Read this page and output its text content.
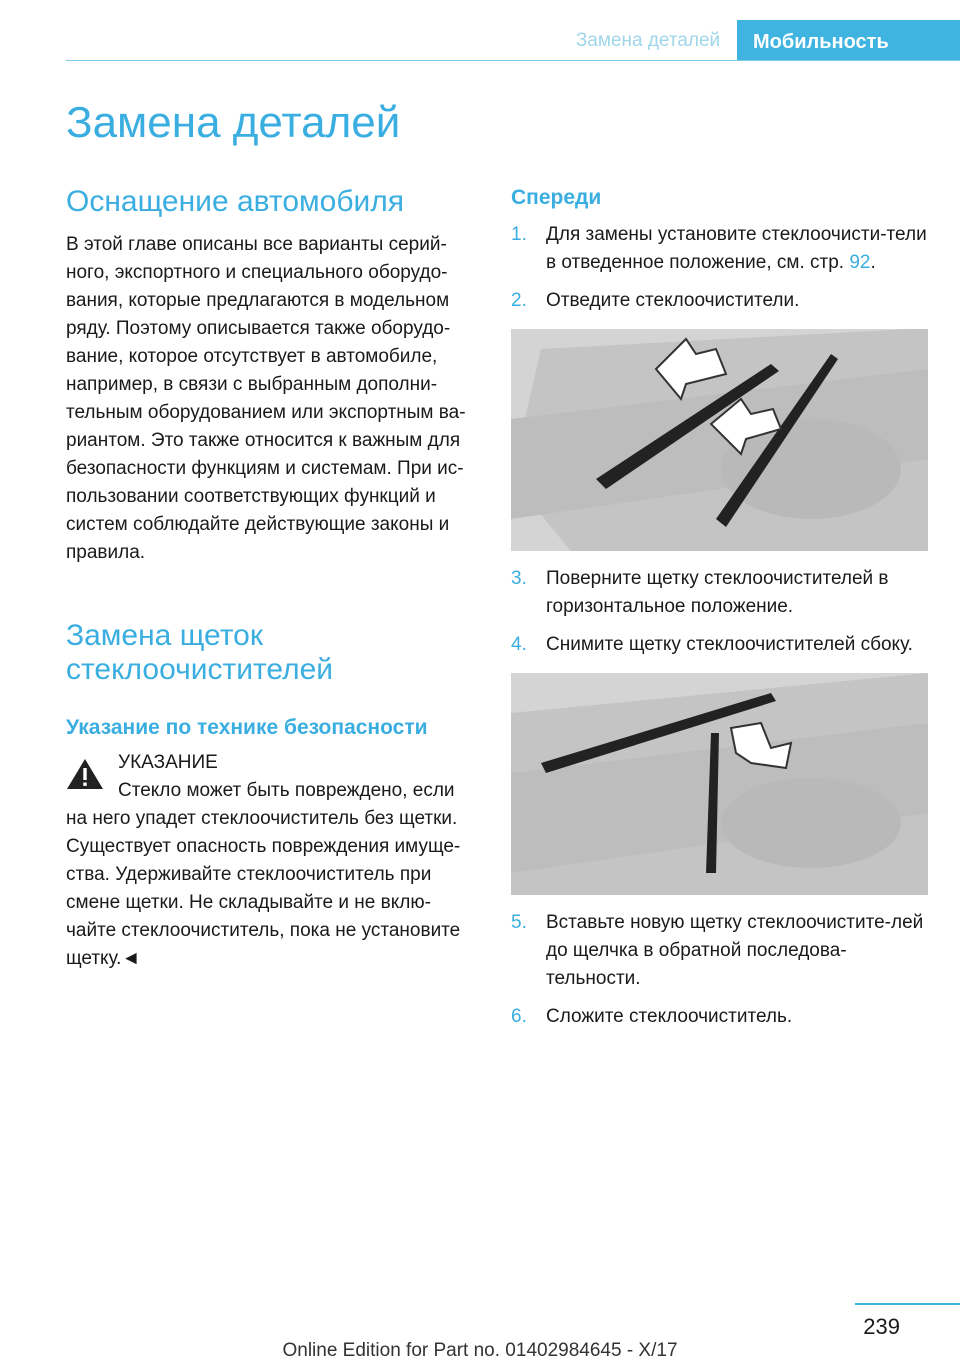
Замена деталей	Мобильность
Замена деталей
Оснащение автомобиля

В этой главе описаны все варианты серий-ного, экспортного и специального оборудо-вания, которые предлагаются в модельном ряду. Поэтому описывается также оборудо-вание, которое отсутствует в автомобиле, например, в связи с выбранным дополни-тельным оборудованием или экспортным ва-риантом. Это также относится к важным для безопасности функциям и системам. При ис-пользовании соответствующих функций и систем соблюдайте действующие законы и правила.

Замена щеток
стеклоочистителей
Указание по технике безопасности

УКАЗАНИЕ

Стекло может быть повреждено, если на него упадет стеклоочиститель без щетки. Существует опасность повреждения имуще-ства. Удерживайте стеклоочиститель при смене щетки. Не складывайте и не вклю-чайте стеклоочиститель, пока не установите щетку.◄

Спереди
1. Для замены установите стеклоочисти-тели в отведенное положение, см. стр. 92.
2. Отведите стеклоочистители.
3. Поверните щетку стеклоочистителей в горизонтальное положение.
4. Снимите щетку стеклоочистителей сбоку.
5. Вставьте новую щетку стеклоочистите-лей до щелчка в обратной последова-тельности.
6. Сложите стеклоочиститель.
239
Online Edition for Part no. 01402984645 - X/17
